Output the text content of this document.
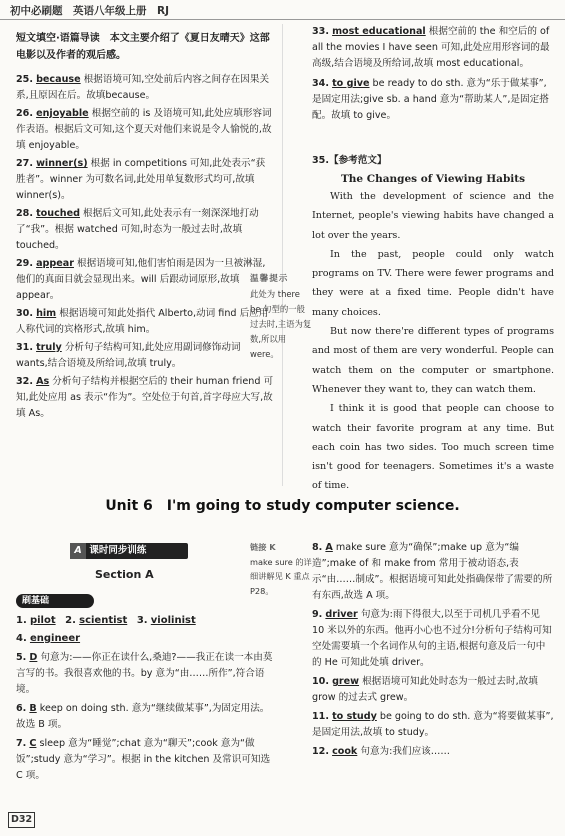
初中必刷题　英语八年级上册　RJ
短文填空·语篇导读　本文主要介绍了《夏日友晴天》这部电影以及作者的观后感。
25. because 根据语境可知,空处前后内容之间存在因果关系,且原因在后。故填because。
26. enjoyable 根据空前的 is 及语境可知,此处应填形容词作表语。根据后文可知,这个夏天对他们来说是令人愉悦的,故填 enjoyable。
27. winner(s) 根据 in competitions 可知,此处表示“获胜者”。winner 为可数名词,此处用单复数形式均可,故填 winner(s)。
28. touched 根据后文可知,此处表示有一刻深深地打动了“我”。根据 watched 可知,时态为一般过去时,故填 touched。
29. appear 根据语境可知,他们害怕雨是因为一旦被淋湿,他们的真面目就会显现出来。will 后跟动词原形,故填 appear。
30. him 根据语境可知此处指代 Alberto,动词 find 后应用人称代词的宾格形式,故填 him。
31. truly 分析句子结构可知,此处应用副词修饰动词 wants,结合语境及所给词,故填 truly。
32. As 分析句子结构并根据空后的 their human friend 可知,此处应用 as 表示“作为”。空处位于句首,首字母应大写,故填 As。
33. most educational 根据空前的 the 和空后的 of all the movies I have seen 可知,此处应用形容词的最高级,结合语境及所给词,故填 most educational。
34. to give be ready to do sth. 意为“乐于做某事”,是固定用法;give sb. a hand 意为“帮助某人”,是固定搭配。故填 to give。
35.【参考范文】
The Changes of Viewing Habits
With the development of science and the Internet, people's viewing habits have changed a lot over the years.
In the past, people could only watch programs on TV. There were fewer programs and they were at a fixed time. People didn't have many choices.
But now there're different types of programs and most of them are very wonderful. People can watch them on the computer or smartphone. Whenever they want to, they can watch them.
I think it is good that people can choose to watch their favorite program at any time. But each coin has two sides. Too much screen time isn't good for teenagers. Sometimes it's a waste of time.
温馨提示
此处为 there be 句型的一般过去时,主语为复数,所以用 were。
Unit 6　I'm going to study computer science.
A 课时同步训练
Section A
刷基础
链接 K
make sure 的详细讲解见 K 重点 P28。
1. pilot 2. scientist 3. violinist
4. engineer
5. D 句意为:——你正在读什么,桑迪?——我正在读一本由莫言写的书。我很喜欢他的书。by 意为“由……所作”,符合语境。
6. B keep on doing sth. 意为“继续做某事”,为固定用法。故选 B 项。
7. C sleep 意为“睡觉”;chat 意为“聊天”;cook 意为“做饭”;study 意为“学习”。根据 in the kitchen 及常识可知选 C 项。
8. A make sure 意为“确保”;make up 意为“编造”;make of 和 make from 常用于被动语态,表示“由……制成”。根据语境可知此处指确保带了需要的所有东西,故选 A 项。
9. driver 句意为:雨下得很大,以至于司机几乎看不见 10 米以外的东西。他再小心也不过分!分析句子结构可知空处需要填一个名词作从句的主语,根据句意及后一句中的 He 可知此处填 driver。
10. grew 根据语境可知此处时态为一般过去时,故填 grow 的过去式 grew。
11. to study be going to do sth. 意为“将要做某事”,是固定用法,故填 to study。
12. cook 句意为:我们应该……
D32
